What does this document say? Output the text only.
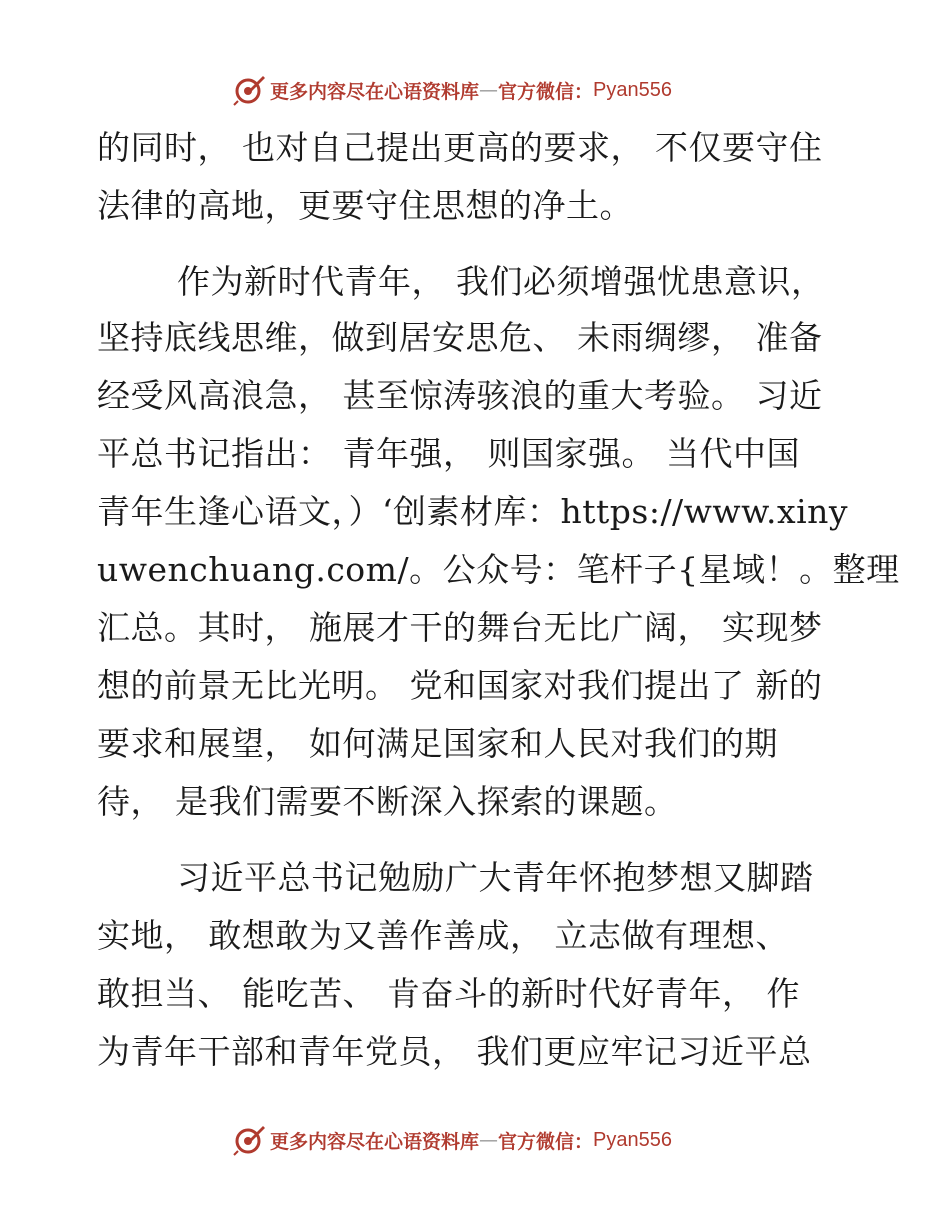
更多内容尽在心语资料库 — 官方微信： Pyan556
的同时， 也对自己提出更高的要求， 不仅要守住
法律的高地，更要守住思想的净土。
作为新时代青年， 我们必须增强忧患意识，
坚持底线思维，做到居安思危、 未雨绸缪， 准备
经受风高浪急， 甚至惊涛骇浪的重大考验。 习近
平总书记指出： 青年强， 则国家强。 当代中国
青年生逢心语文，）‘创素材库：https://www.xiny
uwenchuang.com/。公众号：笔杆子{星域！。整理
汇总。其时， 施展才干的舞台无比广阔， 实现梦
想的前景无比光明。 党和国家对我们提出了 新的
要求和展望， 如何满足国家和人民对我们的期
待， 是我们需要不断深入探索的课题。
习近平总书记勉励广大青年怀抱梦想又脚踏
实地， 敢想敢为又善作善成， 立志做有理想、
敢担当、 能吃苦、 肯奋斗的新时代好青年， 作
为青年干部和青年党员， 我们更应牢记习近平总
更多内容尽在心语资料库 — 官方微信： Pyan556
